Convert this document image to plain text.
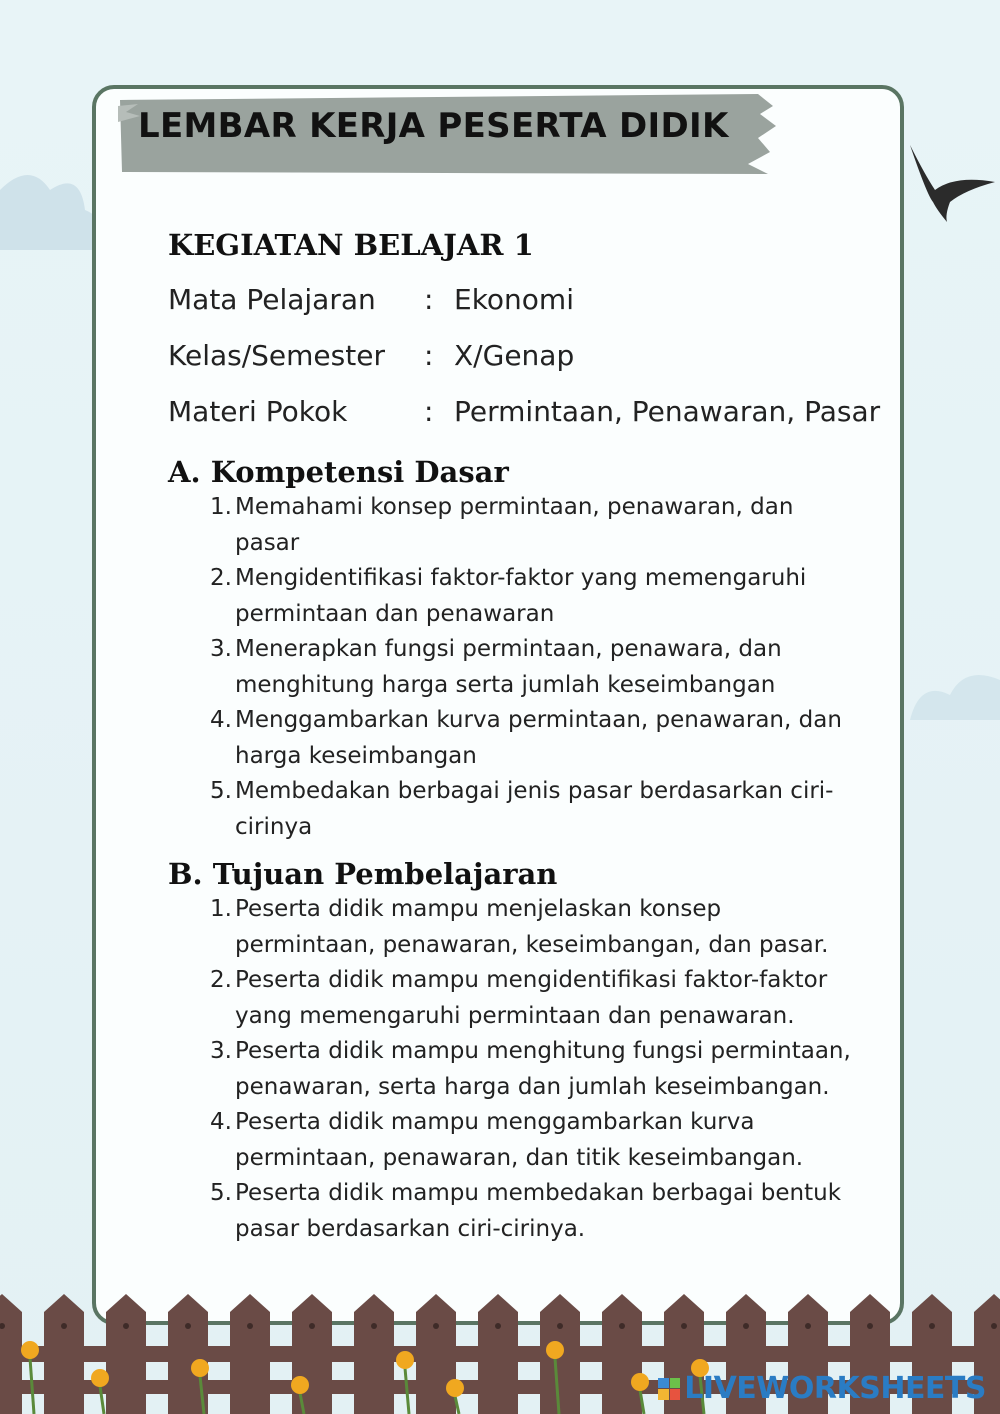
LEMBAR KERJA PESERTA DIDIK
KEGIATAN BELAJAR 1
Mata Pelajaran : Ekonomi
Kelas/Semester : X/Genap
Materi Pokok	: Permintaan, Penawaran, Pasar
A. Kompetensi Dasar
1. Memahami konsep permintaan, penawaran, dan
pasar
2. Mengidentifikasi faktor-faktor yang memengaruhi
permintaan dan penawaran
3. Menerapkan fungsi permintaan, penawara, dan
menghitung harga serta jumlah keseimbangan
4. Menggambarkan kurva permintaan, penawaran, dan
harga keseimbangan
5. Membedakan berbagai jenis pasar berdasarkan ciri-
cirinya
B. Tujuan Pembelajaran
1. Peserta didik mampu menjelaskan konsep
permintaan, penawaran, keseimbangan, dan pasar.
2. Peserta didik mampu mengidentifikasi faktor-faktor
yang memengaruhi permintaan dan penawaran.
3. Peserta didik mampu menghitung fungsi permintaan,
penawaran, serta harga dan jumlah keseimbangan.
4. Peserta didik mampu menggambarkan kurva
permintaan, penawaran, dan titik keseimbangan.
5. Peserta didik mampu membedakan berbagai bentuk
pasar berdasarkan ciri-cirinya.
LIVEWORKSHEETS
